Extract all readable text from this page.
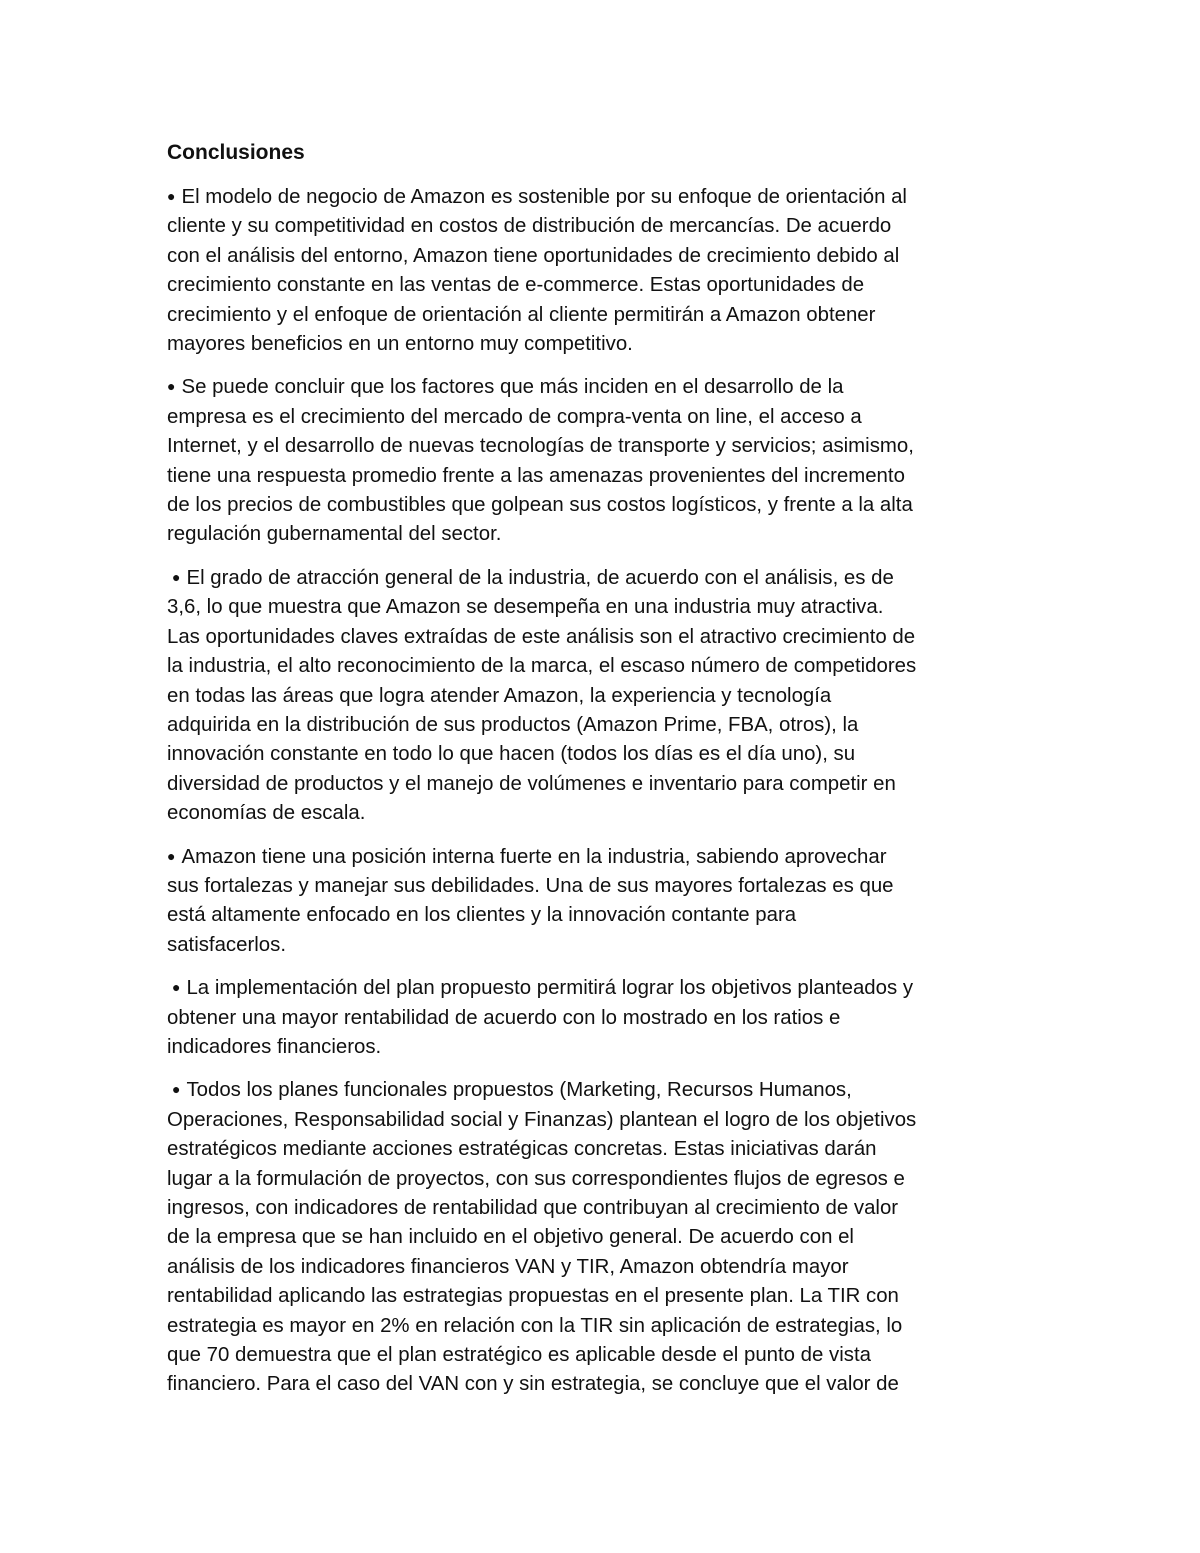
Conclusiones
● El modelo de negocio de Amazon es sostenible por su enfoque de orientación al
cliente y su competitividad en costos de distribución de mercancías. De acuerdo
con el análisis del entorno, Amazon tiene oportunidades de crecimiento debido al
crecimiento constante en las ventas de e-commerce. Estas oportunidades de
crecimiento y el enfoque de orientación al cliente permitirán a Amazon obtener
mayores beneficios en un entorno muy competitivo.
● Se puede concluir que los factores que más inciden en el desarrollo de la
empresa es el crecimiento del mercado de compra-venta on line, el acceso a
Internet, y el desarrollo de nuevas tecnologías de transporte y servicios; asimismo,
tiene una respuesta promedio frente a las amenazas provenientes del incremento
de los precios de combustibles que golpean sus costos logísticos, y frente a la alta
regulación gubernamental del sector.
● El grado de atracción general de la industria, de acuerdo con el análisis, es de
3,6, lo que muestra que Amazon se desempeña en una industria muy atractiva.
Las oportunidades claves extraídas de este análisis son el atractivo crecimiento de
la industria, el alto reconocimiento de la marca, el escaso número de competidores
en todas las áreas que logra atender Amazon, la experiencia y tecnología
adquirida en la distribución de sus productos (Amazon Prime, FBA, otros), la
innovación constante en todo lo que hacen (todos los días es el día uno), su
diversidad de productos y el manejo de volúmenes e inventario para competir en
economías de escala.
● Amazon tiene una posición interna fuerte en la industria, sabiendo aprovechar
sus fortalezas y manejar sus debilidades. Una de sus mayores fortalezas es que
está altamente enfocado en los clientes y la innovación contante para
satisfacerlos.
● La implementación del plan propuesto permitirá lograr los objetivos planteados y
obtener una mayor rentabilidad de acuerdo con lo mostrado en los ratios e
indicadores financieros.
● Todos los planes funcionales propuestos (Marketing, Recursos Humanos,
Operaciones, Responsabilidad social y Finanzas) plantean el logro de los objetivos
estratégicos mediante acciones estratégicas concretas. Estas iniciativas darán
lugar a la formulación de proyectos, con sus correspondientes flujos de egresos e
ingresos, con indicadores de rentabilidad que contribuyan al crecimiento de valor
de la empresa que se han incluido en el objetivo general. De acuerdo con el
análisis de los indicadores financieros VAN y TIR, Amazon obtendría mayor
rentabilidad aplicando las estrategias propuestas en el presente plan. La TIR con
estrategia es mayor en 2% en relación con la TIR sin aplicación de estrategias, lo
que 70 demuestra que el plan estratégico es aplicable desde el punto de vista
financiero. Para el caso del VAN con y sin estrategia, se concluye que el valor de
